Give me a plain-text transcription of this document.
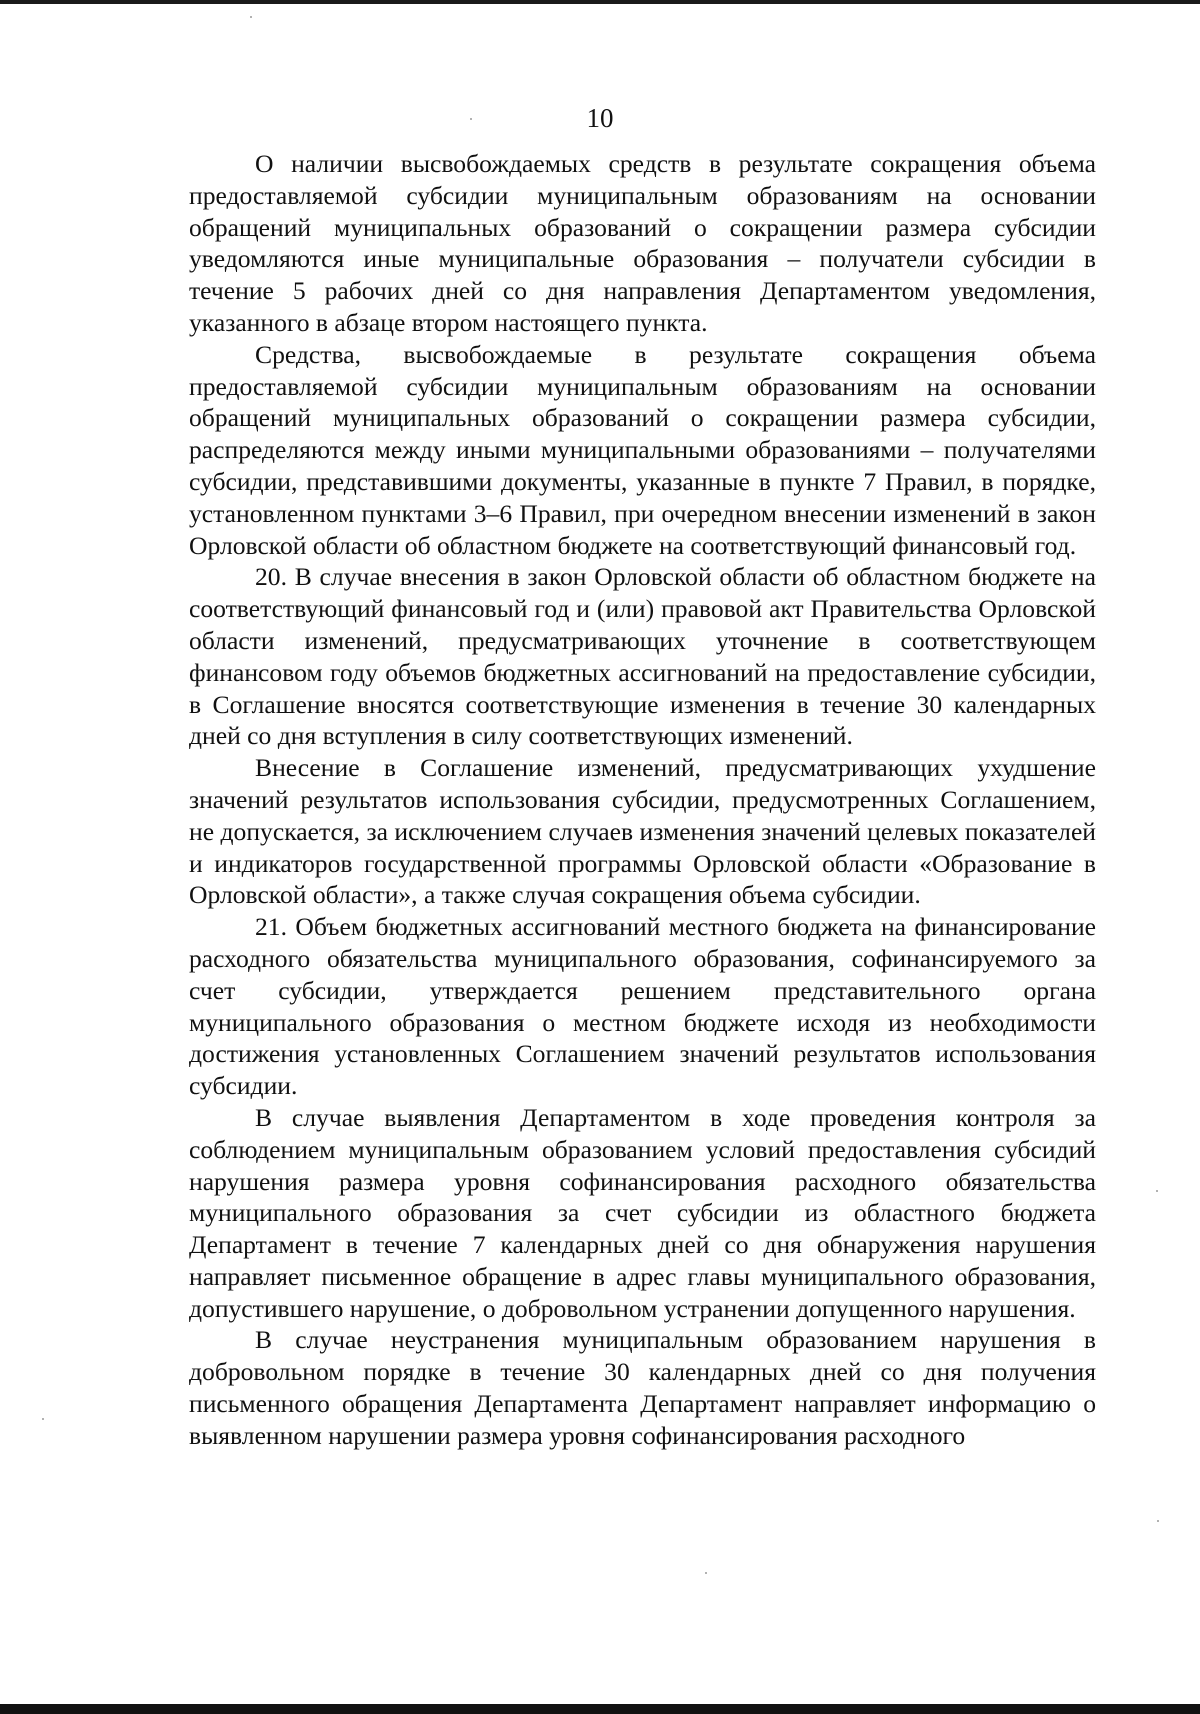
10

О наличии высвобождаемых средств в результате сокращения объема предоставляемой субсидии муниципальным образованиям на основании обращений муниципальных образований о сокращении размера субсидии уведомляются иные муниципальные образования – получатели субсидии в течение 5 рабочих дней со дня направления Департаментом уведомления, указанного в абзаце втором настоящего пункта.

Средства, высвобождаемые в результате сокращения объема предоставляемой субсидии муниципальным образованиям на основании обращений муниципальных образований о сокращении размера субсидии, распределяются между иными муниципальными образованиями – получателями субсидии, представившими документы, указанные в пункте 7 Правил, в порядке, установленном пунктами 3–6 Правил, при очередном внесении изменений в закон Орловской области об областном бюджете на соответствующий финансовый год.

20. В случае внесения в закон Орловской области об областном бюджете на соответствующий финансовый год и (или) правовой акт Правительства Орловской области изменений, предусматривающих уточнение в соответствующем финансовом году объемов бюджетных ассигнований на предоставление субсидии, в Соглашение вносятся соответствующие изменения в течение 30 календарных дней со дня вступления в силу соответствующих изменений.

Внесение в Соглашение изменений, предусматривающих ухудшение значений результатов использования субсидии, предусмотренных Соглашением, не допускается, за исключением случаев изменения значений целевых показателей и индикаторов государственной программы Орловской области «Образование в Орловской области», а также случая сокращения объема субсидии.

21. Объем бюджетных ассигнований местного бюджета на финансирование расходного обязательства муниципального образования, софинансируемого за счет субсидии, утверждается решением представительного органа муниципального образования о местном бюджете исходя из необходимости достижения установленных Соглашением значений результатов использования субсидии.

В случае выявления Департаментом в ходе проведения контроля за соблюдением муниципальным образованием условий предоставления субсидий нарушения размера уровня софинансирования расходного обязательства муниципального образования за счет субсидии из областного бюджета Департамент в течение 7 календарных дней со дня обнаружения нарушения направляет письменное обращение в адрес главы муниципального образования, допустившего нарушение, о добровольном устранении допущенного нарушения.

В случае неустранения муниципальным образованием нарушения в добровольном порядке в течение 30 календарных дней со дня получения письменного обращения Департамента Департамент направляет информацию о выявленном нарушении размера уровня софинансирования расходного
